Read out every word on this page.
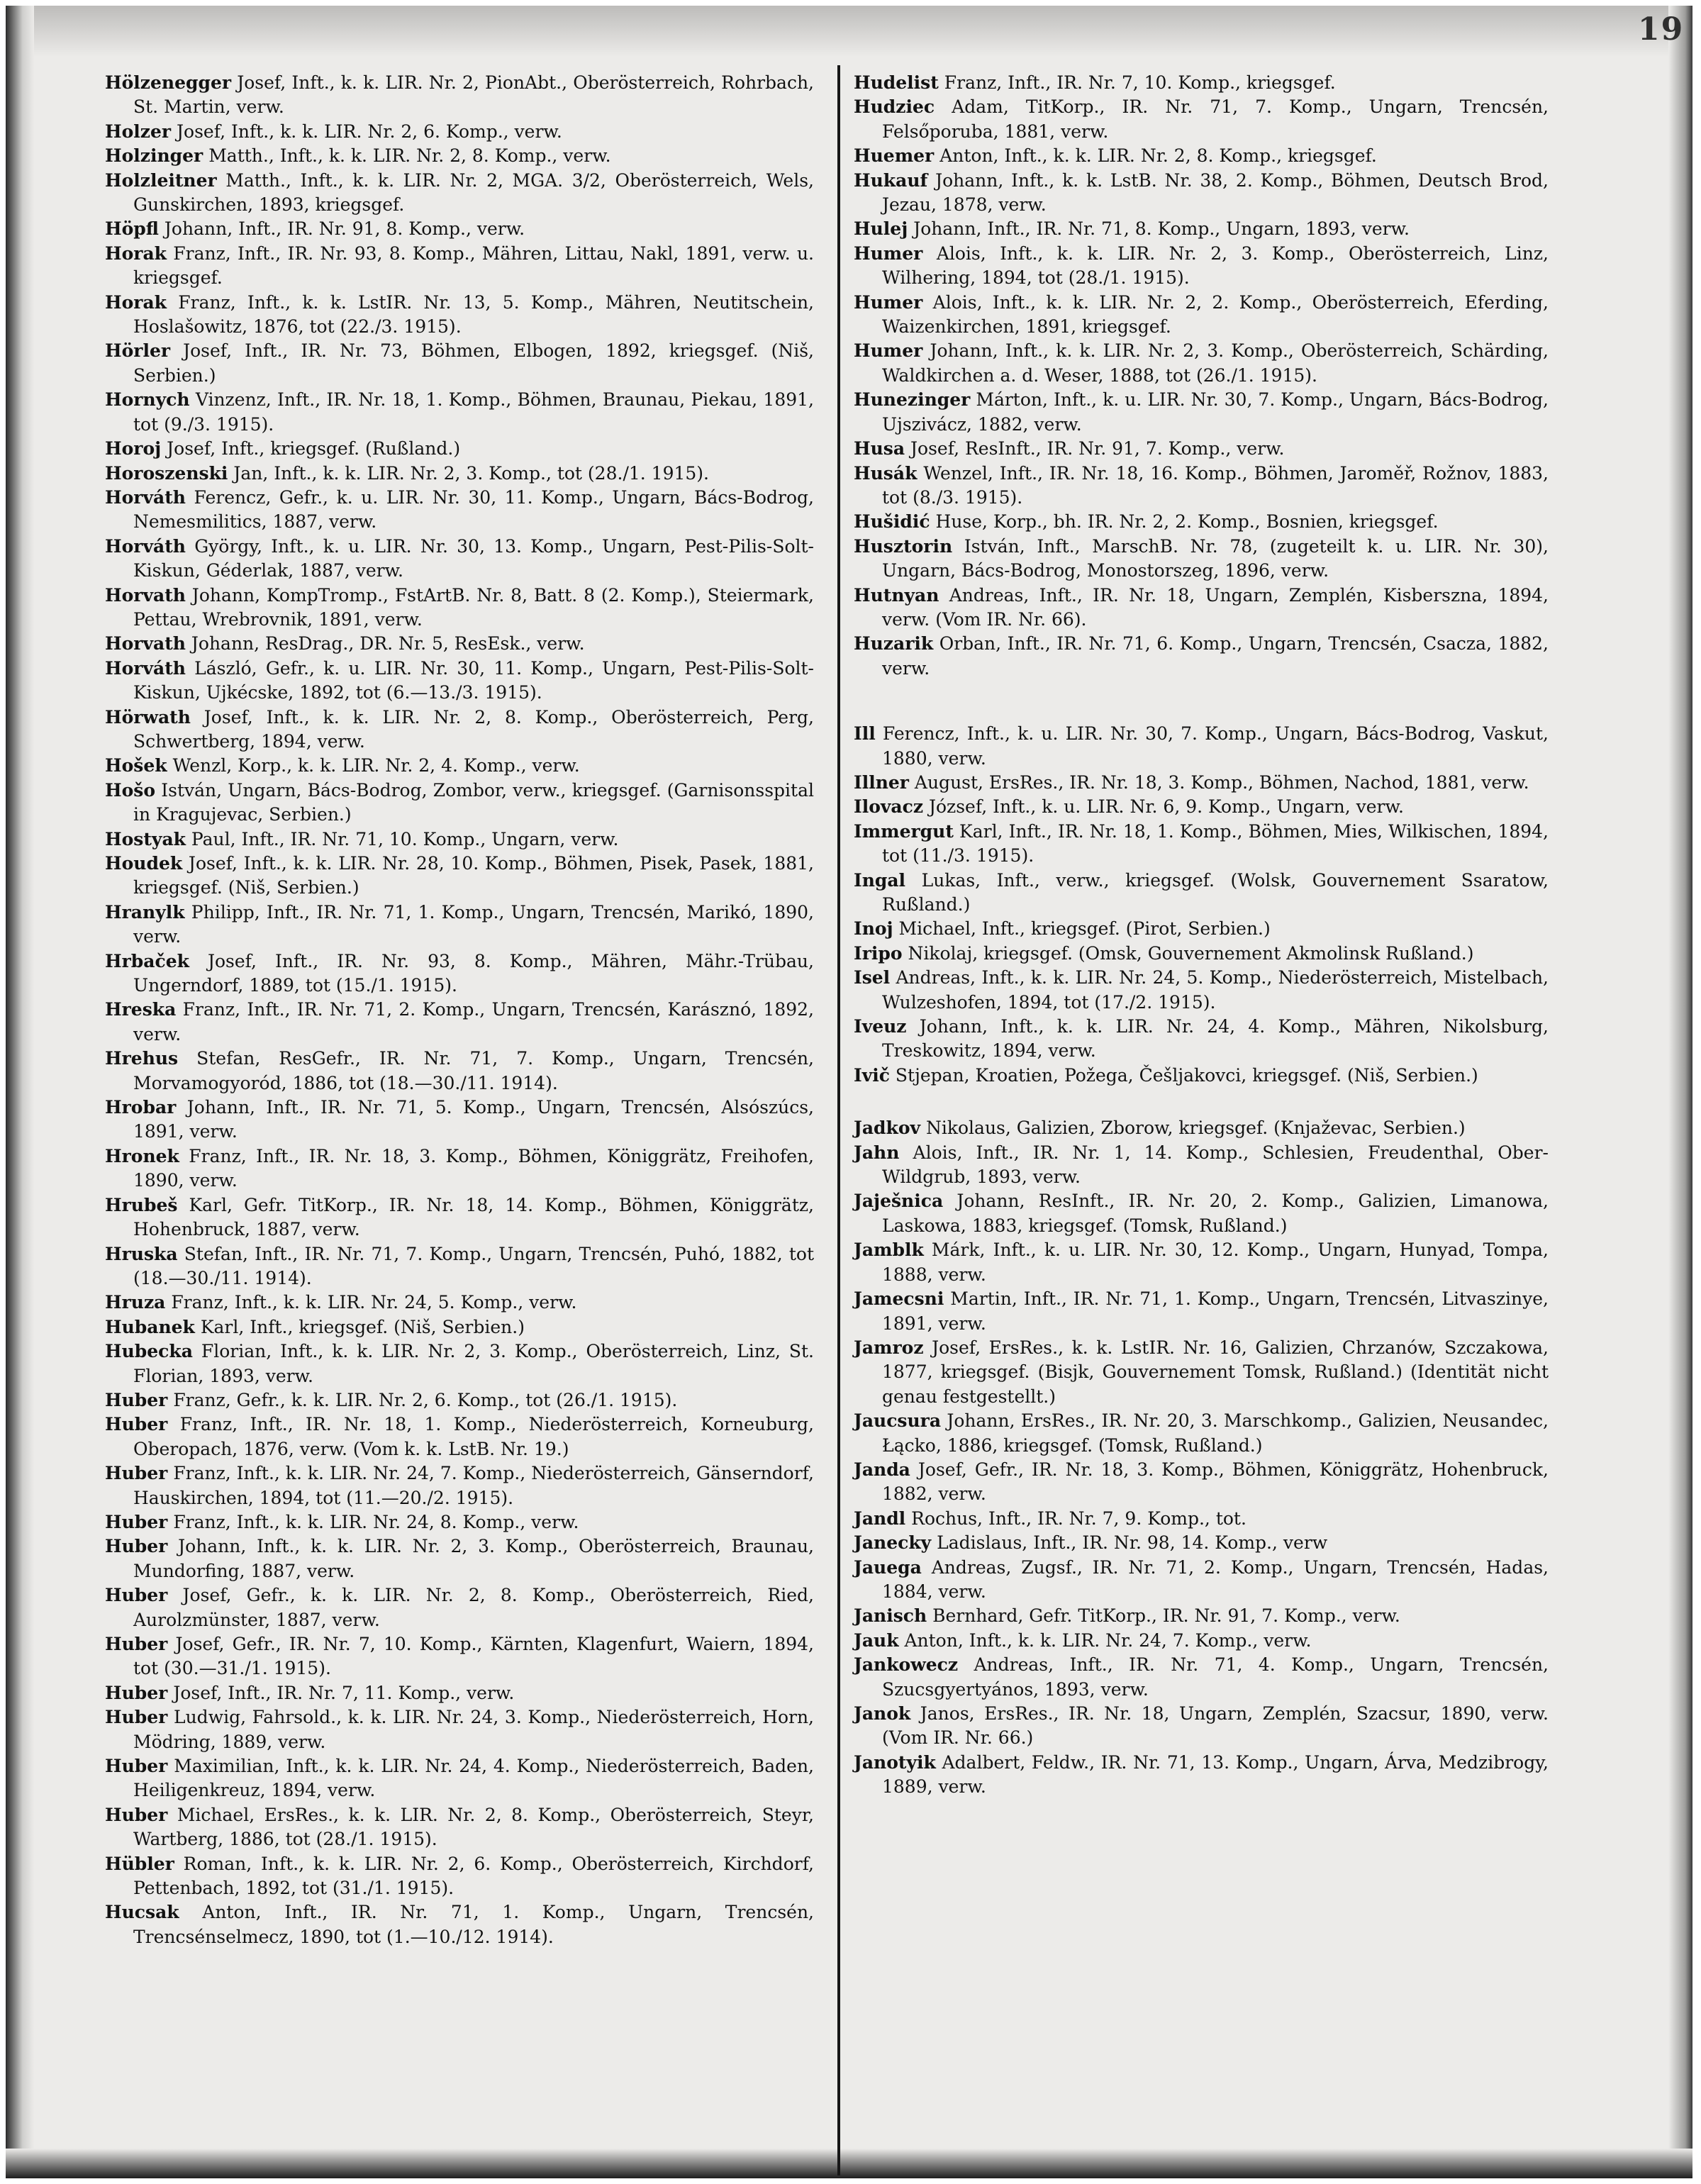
19
Hölzenegger Josef, Inft., k. k. LIR. Nr. 2, PionAbt., Oberösterreich, Rohrbach, St. Martin, verw.
Holzer Josef, Inft., k. k. LIR. Nr. 2, 6. Komp., verw.
Holzinger Matth., Inft., k. k. LIR. Nr. 2, 8. Komp., verw.
Holzleitner Matth., Inft., k. k. LIR. Nr. 2, MGA. 3/2, Oberösterreich, Wels, Gunskirchen, 1893, kriegsgef.
Höpfl Johann, Inft., IR. Nr. 91, 8. Komp., verw.
Horak Franz, Inft., IR. Nr. 93, 8. Komp., Mähren, Littau, Nakl, 1891, verw. u. kriegsgef.
Horak Franz, Inft., k. k. LstIR. Nr. 13, 5. Komp., Mähren, Neutitschein, Hoslašowitz, 1876, tot (22./3. 1915).
Hörler Josef, Inft., IR. Nr. 73, Böhmen, Elbogen, 1892, kriegsgef. (Niš, Serbien.)
Hornych Vinzenz, Inft., IR. Nr. 18, 1. Komp., Böhmen, Braunau, Piekau, 1891, tot (9./3. 1915).
Horoj Josef, Inft., kriegsgef. (Rußland.)
Horoszenski Jan, Inft., k. k. LIR. Nr. 2, 3. Komp., tot (28./1. 1915).
Horváth Ferencz, Gefr., k. u. LIR. Nr. 30, 11. Komp., Ungarn, Bács-Bodrog, Nemesmilitics, 1887, verw.
Horváth György, Inft., k. u. LIR. Nr. 30, 13. Komp., Ungarn, Pest-Pilis-Solt-Kiskun, Géderlak, 1887, verw.
Horvath Johann, KompTromp., FstArtB. Nr. 8, Batt. 8 (2. Komp.), Steiermark, Pettau, Wrebrovnik, 1891, verw.
Horvath Johann, ResDrag., DR. Nr. 5, ResEsk., verw.
Horváth László, Gefr., k. u. LIR. Nr. 30, 11. Komp., Ungarn, Pest-Pilis-Solt-Kiskun, Ujkécske, 1892, tot (6.—13./3. 1915).
Hörwath Josef, Inft., k. k. LIR. Nr. 2, 8. Komp., Oberösterreich, Perg, Schwertberg, 1894, verw.
Hošek Wenzl, Korp., k. k. LIR. Nr. 2, 4. Komp., verw.
Hošo István, Ungarn, Bács-Bodrog, Zombor, verw., kriegsgef. (Garnisonsspital in Kragujevac, Serbien.)
Hostyak Paul, Inft., IR. Nr. 71, 10. Komp., Ungarn, verw.
Houdek Josef, Inft., k. k. LIR. Nr. 28, 10. Komp., Böhmen, Pisek, Pasek, 1881, kriegsgef. (Niš, Serbien.)
Hranylk Philipp, Inft., IR. Nr. 71, 1. Komp., Ungarn, Trencsén, Marikó, 1890, verw.
Hrbaček Josef, Inft., IR. Nr. 93, 8. Komp., Mähren, Mähr.-Trübau, Ungerndorf, 1889, tot (15./1. 1915).
Hreska Franz, Inft., IR. Nr. 71, 2. Komp., Ungarn, Trencsén, Karásznó, 1892, verw.
Hrehus Stefan, ResGefr., IR. Nr. 71, 7. Komp., Ungarn, Trencsén, Morvamogyoród, 1886, tot (18.—30./11. 1914).
Hrobar Johann, Inft., IR. Nr. 71, 5. Komp., Ungarn, Trencsén, Alsószúcs, 1891, verw.
Hronek Franz, Inft., IR. Nr. 18, 3. Komp., Böhmen, Königgrätz, Freihofen, 1890, verw.
Hrubeš Karl, Gefr. TitKorp., IR. Nr. 18, 14. Komp., Böhmen, Königgrätz, Hohenbruck, 1887, verw.
Hruska Stefan, Inft., IR. Nr. 71, 7. Komp., Ungarn, Trencsén, Puhó, 1882, tot (18.—30./11. 1914).
Hruza Franz, Inft., k. k. LIR. Nr. 24, 5. Komp., verw.
Hubanek Karl, Inft., kriegsgef. (Niš, Serbien.)
Hubecka Florian, Inft., k. k. LIR. Nr. 2, 3. Komp., Oberösterreich, Linz, St. Florian, 1893, verw.
Huber Franz, Gefr., k. k. LIR. Nr. 2, 6. Komp., tot (26./1. 1915).
Huber Franz, Inft., IR. Nr. 18, 1. Komp., Niederösterreich, Korneuburg, Oberopach, 1876, verw. (Vom k. k. LstB. Nr. 19.)
Huber Franz, Inft., k. k. LIR. Nr. 24, 7. Komp., Niederösterreich, Gänserndorf, Hauskirchen, 1894, tot (11.—20./2. 1915).
Huber Franz, Inft., k. k. LIR. Nr. 24, 8. Komp., verw.
Huber Johann, Inft., k. k. LIR. Nr. 2, 3. Komp., Oberösterreich, Braunau, Mundorfing, 1887, verw.
Huber Josef, Gefr., k. k. LIR. Nr. 2, 8. Komp., Oberösterreich, Ried, Aurolzmünster, 1887, verw.
Huber Josef, Gefr., IR. Nr. 7, 10. Komp., Kärnten, Klagenfurt, Waiern, 1894, tot (30.—31./1. 1915).
Huber Josef, Inft., IR. Nr. 7, 11. Komp., verw.
Huber Ludwig, Fahrsold., k. k. LIR. Nr. 24, 3. Komp., Niederösterreich, Horn, Mödring, 1889, verw.
Huber Maximilian, Inft., k. k. LIR. Nr. 24, 4. Komp., Niederösterreich, Baden, Heiligenkreuz, 1894, verw.
Huber Michael, ErsRes., k. k. LIR. Nr. 2, 8. Komp., Oberösterreich, Steyr, Wartberg, 1886, tot (28./1. 1915).
Hübler Roman, Inft., k. k. LIR. Nr. 2, 6. Komp., Oberösterreich, Kirchdorf, Pettenbach, 1892, tot (31./1. 1915).
Hucsak Anton, Inft., IR. Nr. 71, 1. Komp., Ungarn, Trencsén, Trencsénselmecz, 1890, tot (1.—10./12. 1914).
Hudelist Franz, Inft., IR. Nr. 7, 10. Komp., kriegsgef.
Hudziec Adam, TitKorp., IR. Nr. 71, 7. Komp., Ungarn, Trencsén, Felsőporuba, 1881, verw.
Huemer Anton, Inft., k. k. LIR. Nr. 2, 8. Komp., kriegsgef.
Hukauf Johann, Inft., k. k. LstB. Nr. 38, 2. Komp., Böhmen, Deutsch Brod, Jezau, 1878, verw.
Hulej Johann, Inft., IR. Nr. 71, 8. Komp., Ungarn, 1893, verw.
Humer Alois, Inft., k. k. LIR. Nr. 2, 3. Komp., Oberösterreich, Linz, Wilhering, 1894, tot (28./1. 1915).
Humer Alois, Inft., k. k. LIR. Nr. 2, 2. Komp., Oberösterreich, Eferding, Waizenkirchen, 1891, kriegsgef.
Humer Johann, Inft., k. k. LIR. Nr. 2, 3. Komp., Oberösterreich, Schärding, Waldkirchen a. d. Weser, 1888, tot (26./1. 1915).
Hunezinger Márton, Inft., k. u. LIR. Nr. 30, 7. Komp., Ungarn, Bács-Bodrog, Ujszivácz, 1882, verw.
Husa Josef, ResInft., IR. Nr. 91, 7. Komp., verw.
Husák Wenzel, Inft., IR. Nr. 18, 16. Komp., Böhmen, Jaroměř, Rožnov, 1883, tot (8./3. 1915).
Hušidić Huse, Korp., bh. IR. Nr. 2, 2. Komp., Bosnien, kriegsgef.
Husztorin István, Inft., MarschB. Nr. 78, (zugeteilt k. u. LIR. Nr. 30), Ungarn, Bács-Bodrog, Monostorszeg, 1896, verw.
Hutnyan Andreas, Inft., IR. Nr. 18, Ungarn, Zemplén, Kisberszna, 1894, verw. (Vom IR. Nr. 66).
Huzarik Orban, Inft., IR. Nr. 71, 6. Komp., Ungarn, Trencsén, Csacza, 1882, verw.
Ill Ferencz, Inft., k. u. LIR. Nr. 30, 7. Komp., Ungarn, Bács-Bodrog, Vaskut, 1880, verw.
Illner August, ErsRes., IR. Nr. 18, 3. Komp., Böhmen, Nachod, 1881, verw.
Ilovacz József, Inft., k. u. LIR. Nr. 6, 9. Komp., Ungarn, verw.
Immergut Karl, Inft., IR. Nr. 18, 1. Komp., Böhmen, Mies, Wilkischen, 1894, tot (11./3. 1915).
Ingal Lukas, Inft., verw., kriegsgef. (Wolsk, Gouvernement Ssaratow, Rußland.)
Inoj Michael, Inft., kriegsgef. (Pirot, Serbien.)
Iripo Nikolaj, kriegsgef. (Omsk, Gouvernement Akmolinsk Rußland.)
Isel Andreas, Inft., k. k. LIR. Nr. 24, 5. Komp., Niederösterreich, Mistelbach, Wulzeshofen, 1894, tot (17./2. 1915).
Iveuz Johann, Inft., k. k. LIR. Nr. 24, 4. Komp., Mähren, Nikolsburg, Treskowitz, 1894, verw.
Ivič Stjepan, Kroatien, Požega, Češljakovci, kriegsgef. (Niš, Serbien.)
Jadkov Nikolaus, Galizien, Zborow, kriegsgef. (Knjaževac, Serbien.)
Jahn Alois, Inft., IR. Nr. 1, 14. Komp., Schlesien, Freudenthal, Ober-Wildgrub, 1893, verw.
Jaješnica Johann, ResInft., IR. Nr. 20, 2. Komp., Galizien, Limanowa, Laskowa, 1883, kriegsgef. (Tomsk, Rußland.)
Jamblk Márk, Inft., k. u. LIR. Nr. 30, 12. Komp., Ungarn, Hunyad, Tompa, 1888, verw.
Jamecsni Martin, Inft., IR. Nr. 71, 1. Komp., Ungarn, Trencsén, Litvaszinye, 1891, verw.
Jamroz Josef, ErsRes., k. k. LstIR. Nr. 16, Galizien, Chrzanów, Szczakowa, 1877, kriegsgef. (Bisjk, Gouvernement Tomsk, Rußland.) (Identität nicht genau festgestellt.)
Jaucsura Johann, ErsRes., IR. Nr. 20, 3. Marschkomp., Galizien, Neusandec, Łącko, 1886, kriegsgef. (Tomsk, Rußland.)
Janda Josef, Gefr., IR. Nr. 18, 3. Komp., Böhmen, Königgrätz, Hohenbruck, 1882, verw.
Jandl Rochus, Inft., IR. Nr. 7, 9. Komp., tot.
Janecky Ladislaus, Inft., IR. Nr. 98, 14. Komp., verw
Jauega Andreas, Zugsf., IR. Nr. 71, 2. Komp., Ungarn, Trencsén, Hadas, 1884, verw.
Janisch Bernhard, Gefr. TitKorp., IR. Nr. 91, 7. Komp., verw.
Jauk Anton, Inft., k. k. LIR. Nr. 24, 7. Komp., verw.
Jankowecz Andreas, Inft., IR. Nr. 71, 4. Komp., Ungarn, Trencsén, Szucsgyertyános, 1893, verw.
Janok Janos, ErsRes., IR. Nr. 18, Ungarn, Zemplén, Szacsur, 1890, verw. (Vom IR. Nr. 66.)
Janotyik Adalbert, Feldw., IR. Nr. 71, 13. Komp., Ungarn, Árva, Medzibrogy, 1889, verw.
